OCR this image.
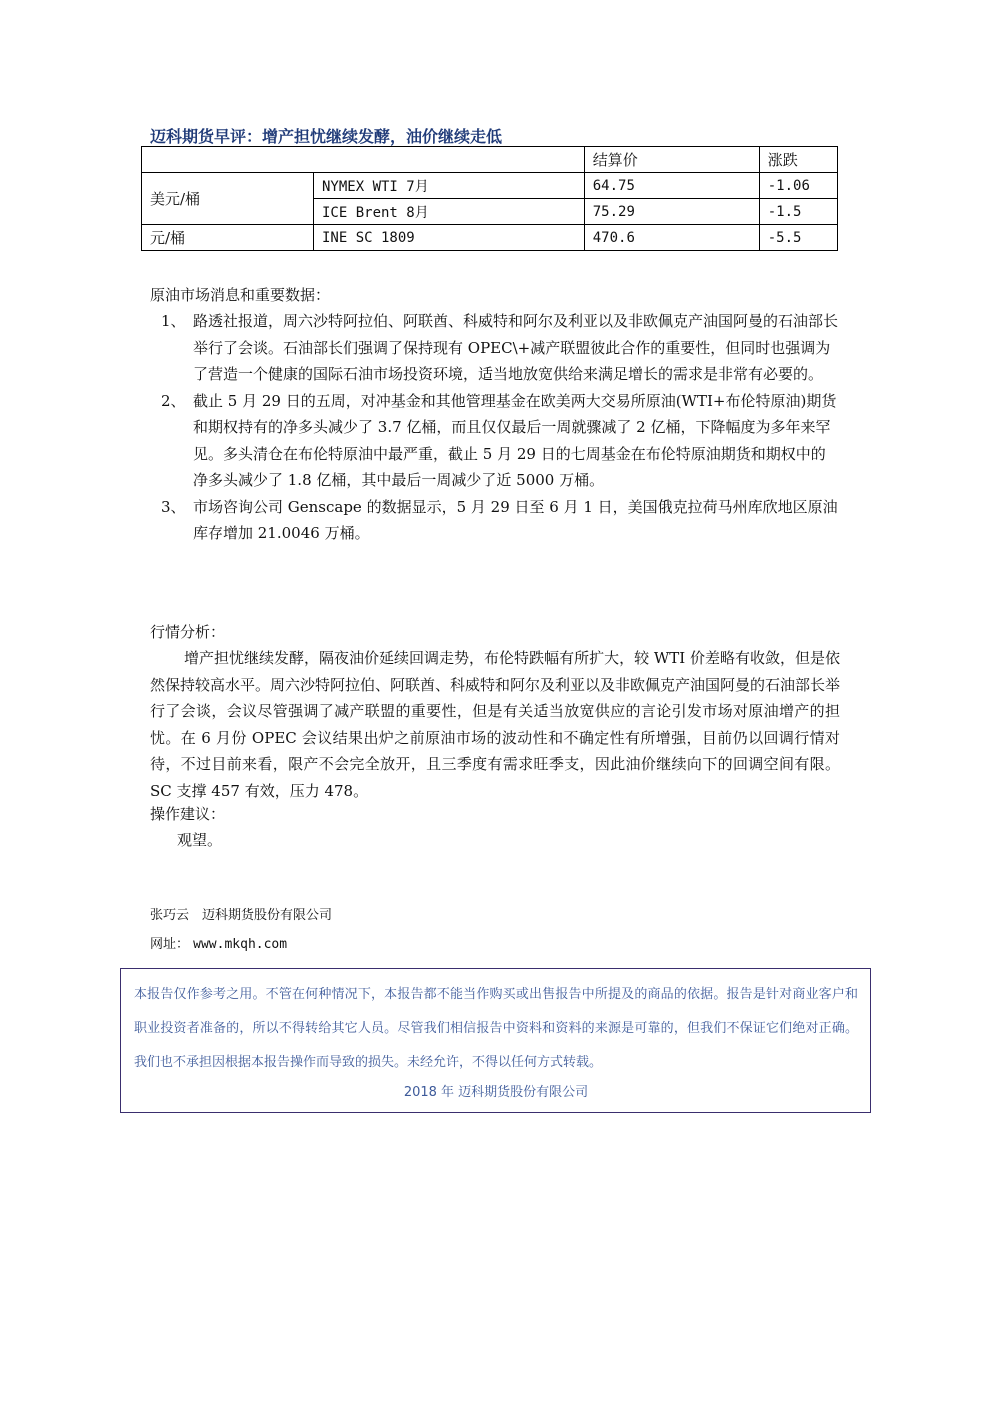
迈科期货早评：增产担忧继续发酵，油价继续走低
		结算价	涨跌
美元/桶	NYMEX WTI 7月	64.75	-1.06
	ICE Brent 8月	75.29	-1.5
元/桶	INE SC 1809	470.6	-5.5
原油市场消息和重要数据：
1、 路透社报道，周六沙特阿拉伯、阿联酋、科威特和阿尔及利亚以及非欧佩克产油国阿曼的石油部长举行了会谈。石油部长们强调了保持现有 OPEC\+减产联盟彼此合作的重要性，但同时也强调为了营造一个健康的国际石油市场投资环境，适当地放宽供给来满足增长的需求是非常有必要的。
2、 截止 5 月 29 日的五周，对冲基金和其他管理基金在欧美两大交易所原油(WTI+布伦特原油)期货和期权持有的净多头减少了 3.7 亿桶，而且仅仅最后一周就骤减了 2 亿桶，下降幅度为多年来罕见。多头清仓在布伦特原油中最严重，截止 5 月 29 日的七周基金在布伦特原油期货和期权中的净多头减少了 1.8 亿桶，其中最后一周减少了近 5000 万桶。
3、 市场咨询公司 Genscape 的数据显示，5 月 29 日至 6 月 1 日，美国俄克拉荷马州库欣地区原油库存增加 21.0046 万桶。
行情分析：
增产担忧继续发酵，隔夜油价延续回调走势，布伦特跌幅有所扩大，较 WTI 价差略有收敛，但是依然保持较高水平。周六沙特阿拉伯、阿联酋、科威特和阿尔及利亚以及非欧佩克产油国阿曼的石油部长举行了会谈，会议尽管强调了减产联盟的重要性，但是有关适当放宽供应的言论引发市场对原油增产的担忧。在 6 月份 OPEC 会议结果出炉之前原油市场的波动性和不确定性有所增强，目前仍以回调行情对待，不过目前来看，限产不会完全放开，且三季度有需求旺季支，因此油价继续向下的回调空间有限。SC 支撑 457 有效，压力 478。
操作建议：
观望。
张巧云　迈科期货股份有限公司
网址： www.mkqh.com
本报告仅作参考之用。不管在何种情况下，本报告都不能当作购买或出售报告中所提及的商品的依据。报告是针对商业客户和职业投资者准备的，所以不得转给其它人员。尽管我们相信报告中资料和资料的来源是可靠的，但我们不保证它们绝对正确。我们也不承担因根据本报告操作而导致的损失。未经允许，不得以任何方式转载。
2018 年 迈科期货股份有限公司
